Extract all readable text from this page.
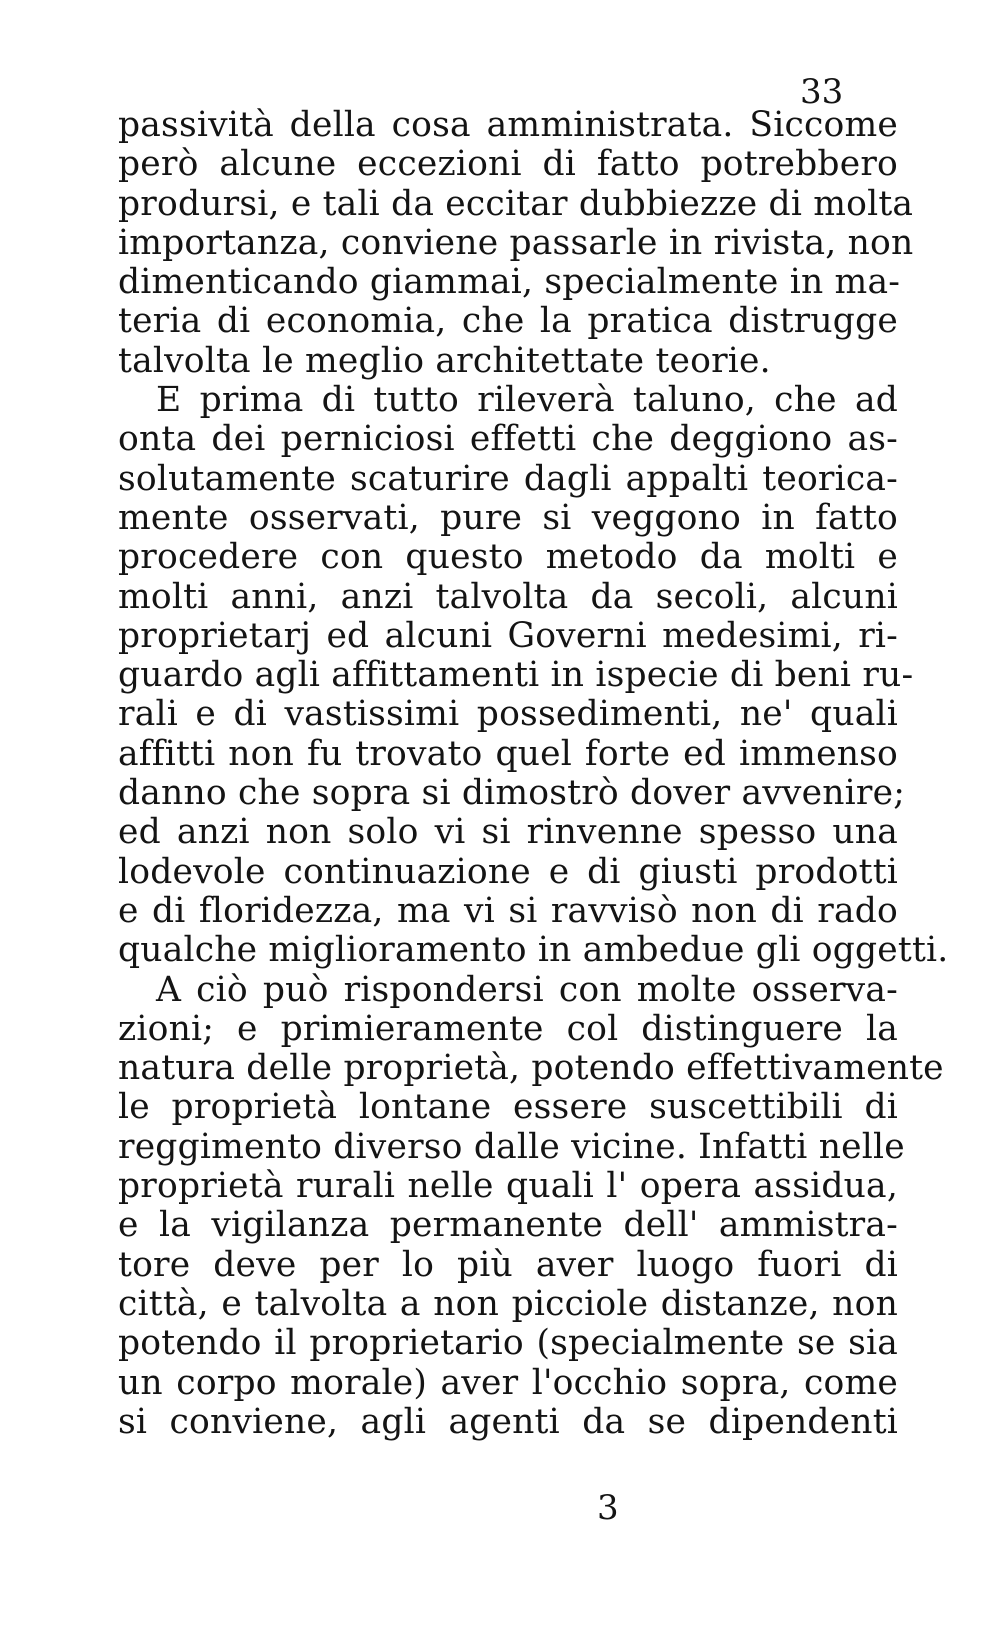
33
passività della cosa amministrata. Siccome
però alcune eccezioni di fatto potrebbero
prodursi, e tali da eccitar dubbiezze di molta
importanza, conviene passarle in rivista, non
dimenticando giammai, specialmente in ma-
teria di economia, che la pratica distrugge
talvolta le meglio architettate teorie.
E prima di tutto rileverà taluno, che ad
onta dei perniciosi effetti che deggiono as-
solutamente scaturire dagli appalti teorica-
mente osservati, pure si veggono in fatto
procedere con questo metodo da molti e
molti anni, anzi talvolta da secoli, alcuni
proprietarj ed alcuni Governi medesimi, ri-
guardo agli affittamenti in ispecie di beni ru-
rali e di vastissimi possedimenti, ne' quali
affitti non fu trovato quel forte ed immenso
danno che sopra si dimostrò dover avvenire;
ed anzi non solo vi si rinvenne spesso una
lodevole continuazione e di giusti prodotti
e di floridezza, ma vi si ravvisò non di rado
qualche miglioramento in ambedue gli oggetti.
A ciò può rispondersi con molte osserva-
zioni; e primieramente col distinguere la
natura delle proprietà, potendo effettivamente
le proprietà lontane essere suscettibili di
reggimento diverso dalle vicine. Infatti nelle
proprietà rurali nelle quali l' opera assidua,
e la vigilanza permanente dell' ammistra-
tore deve per lo più aver luogo fuori di
città, e talvolta a non picciole distanze, non
potendo il proprietario (specialmente se sia
un corpo morale) aver l'occhio sopra, come
si conviene, agli agenti da se dipendenti
3
